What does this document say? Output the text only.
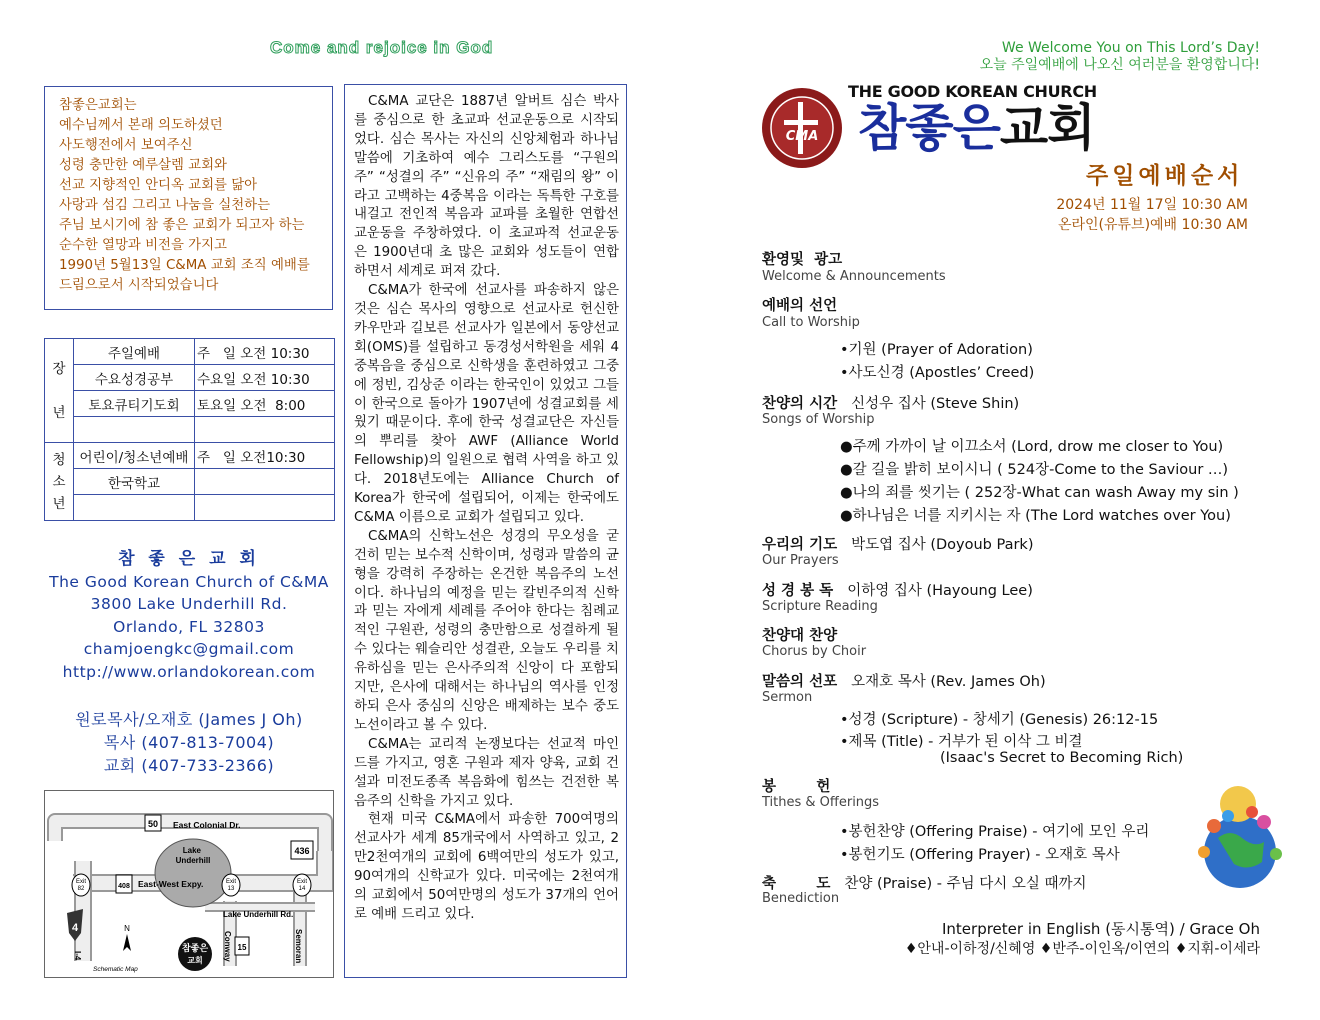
Come and rejoice in God
참좋은교회는
예수님께서 본래 의도하셨던
사도행전에서 보여주신
성령 충만한 예루살렘 교회와
선교 지향적인 안디옥 교회를 닮아
사랑과 섬김 그리고 나눔을 실천하는
주님 보시기에 참 좋은 교회가 되고자 하는
순수한 열망과 비전을 가지고
1990년 5월13일 C&MA 교회 조직 예배를
드림으로서 시작되었습니다
장

년	주일예배	주   일 오전 10:30
	수요성경공부	수요일 오전 10:30
	토요큐티기도회	토요일 오전  8:00

청
소
년	어린이/청소년예배	주   일 오전10:30
	한국학교	

참 좋 은 교 회
The Good Korean Church of C&MA
3800 Lake Underhill Rd.
Orlando, FL 32803
chamjoengkc@gmail.com
http://www.orlandokorean.com
원로목사/오재호 (James J Oh)
목사 (407-813-7004)
교회 (407-733-2366)
Lake Underhill
East Colonial Dr.
East-West Expy.
Lake Underhill Rd.
Conway	Semoran
I-4
Schematic Map
50
436
408
15
4
Exit 82
Exit 13
Exit 14
N
참좋은
교회

C&MA 교단은 1887년 알버트 심슨 박사를 중심으로 한 초교파 선교운동으로 시작되었다. 심슨 목사는 자신의 신앙체험과 하나님 말씀에 기초하여 예수 그리스도를 “구원의 주” “성결의 주” “신유의 주” “재림의 왕” 이라고 고백하는 4중복음 이라는 독특한 구호를 내걸고 전인적 복음과 교파를 초월한 연합선교운동을 주창하였다. 이 초교파적 선교운동은 1900년대 초 많은 교회와 성도들이 연합하면서 세계로 퍼져 갔다.

C&MA가 한국에 선교사를 파송하지 않은 것은 심슨 목사의 영향으로 선교사로 헌신한 카우만과 길보른 선교사가 일본에서 동양선교회(OMS)를 설립하고 동경성서학원을 세워 4중복음을 중심으로 신학생을 훈련하였고 그중에 정빈, 김상준 이라는 한국인이 있었고 그들이 한국으로 돌아가 1907년에 성결교회를 세웠기 때문이다. 후에 한국 성결교단은 자신들의 뿌리를 찾아 AWF (Alliance World Fellowship)의 일원으로 협력 사역을 하고 있다. 2018년도에는 Alliance Church of Korea가 한국에 설립되어, 이제는 한국에도 C&MA 이름으로 교회가 설립되고 있다.

C&MA의 신학노선은 성경의 무오성을 굳건히 믿는 보수적 신학이며, 성령과 말씀의 균형을 강력히 주장하는 온건한 복음주의 노선이다. 하나님의 예정을 믿는 칼빈주의적 신학과 믿는 자에게 세례를 주어야 한다는 침례교적인 구원관, 성령의 충만함으로 성결하게 될 수 있다는 웨슬리안 성결관, 오늘도 우리를 치유하심을 믿는 은사주의적 신앙이 다 포함되지만, 은사에 대해서는 하나님의 역사를 인정하되 은사 중심의 신앙은 배제하는 보수 중도 노선이라고 볼 수 있다.

C&MA는 교리적 논쟁보다는 선교적 마인드를 가지고, 영혼 구원과 제자 양육, 교회 건설과 미전도종족 복음화에 힘쓰는 건전한 복음주의 신학을 가지고 있다.

현재 미국 C&MA에서 파송한 700여명의 선교사가 세계 85개국에서 사역하고 있고, 2만2천여개의 교회에 6백여만의 성도가 있고, 90여개의 신학교가 있다. 미국에는 2천여개의 교회에서 50여만명의 성도가 37개의 언어로 예배 드리고 있다.

We Welcome You on This Lord’s Day!
오늘 주일예배에 나오신 여러분을 환영합니다!
CMA
THE GOOD KOREAN CHURCH
참좋은교회
주일예배순서
2024년 11월 17일 10:30 AM
온라인(유튜브)예배 10:30 AM
환영및  광고
Welcome & Announcements
예배의 선언
Call to Worship
•기원 (Prayer of Adoration)
•사도신경 (Apostles’ Creed)
찬양의 시간 신성우 집사 (Steve Shin)
Songs of Worship
●주께 가까이 날 이끄소서 (Lord, drow me closer to You)
●갈 길을 밝히 보이시니 ( 524장-Come to the Saviour …)
●나의 죄를 씻기는 ( 252장-What can wash Away my sin )
●하나님은 너를 지키시는 자 (The Lord watches over You)
우리의 기도 박도엽 집사 (Doyoub Park)
Our Prayers
성 경 봉 독 이하영 집사 (Hayoung Lee)
Scripture Reading
찬양대 찬양
Chorus by Choir
말씀의 선포 오재호 목사 (Rev. James Oh)
Sermon
•성경 (Scripture) - 창세기 (Genesis) 26:12-15
•제목 (Title) - 거부가 된 이삭 그 비결
(Isaac's Secret to Becoming Rich)
봉        헌
Tithes & Offerings
•봉헌찬양 (Offering Praise) - 여기에 모인 우리
•봉헌기도 (Offering Prayer) - 오재호 목사
축        도 찬양 (Praise) - 주님 다시 오실 때까지
Benediction
Interpreter in English (동시통역) / Grace Oh
♦안내-이하정/신혜영 ♦반주-이인옥/이연의 ♦지휘-이세라
